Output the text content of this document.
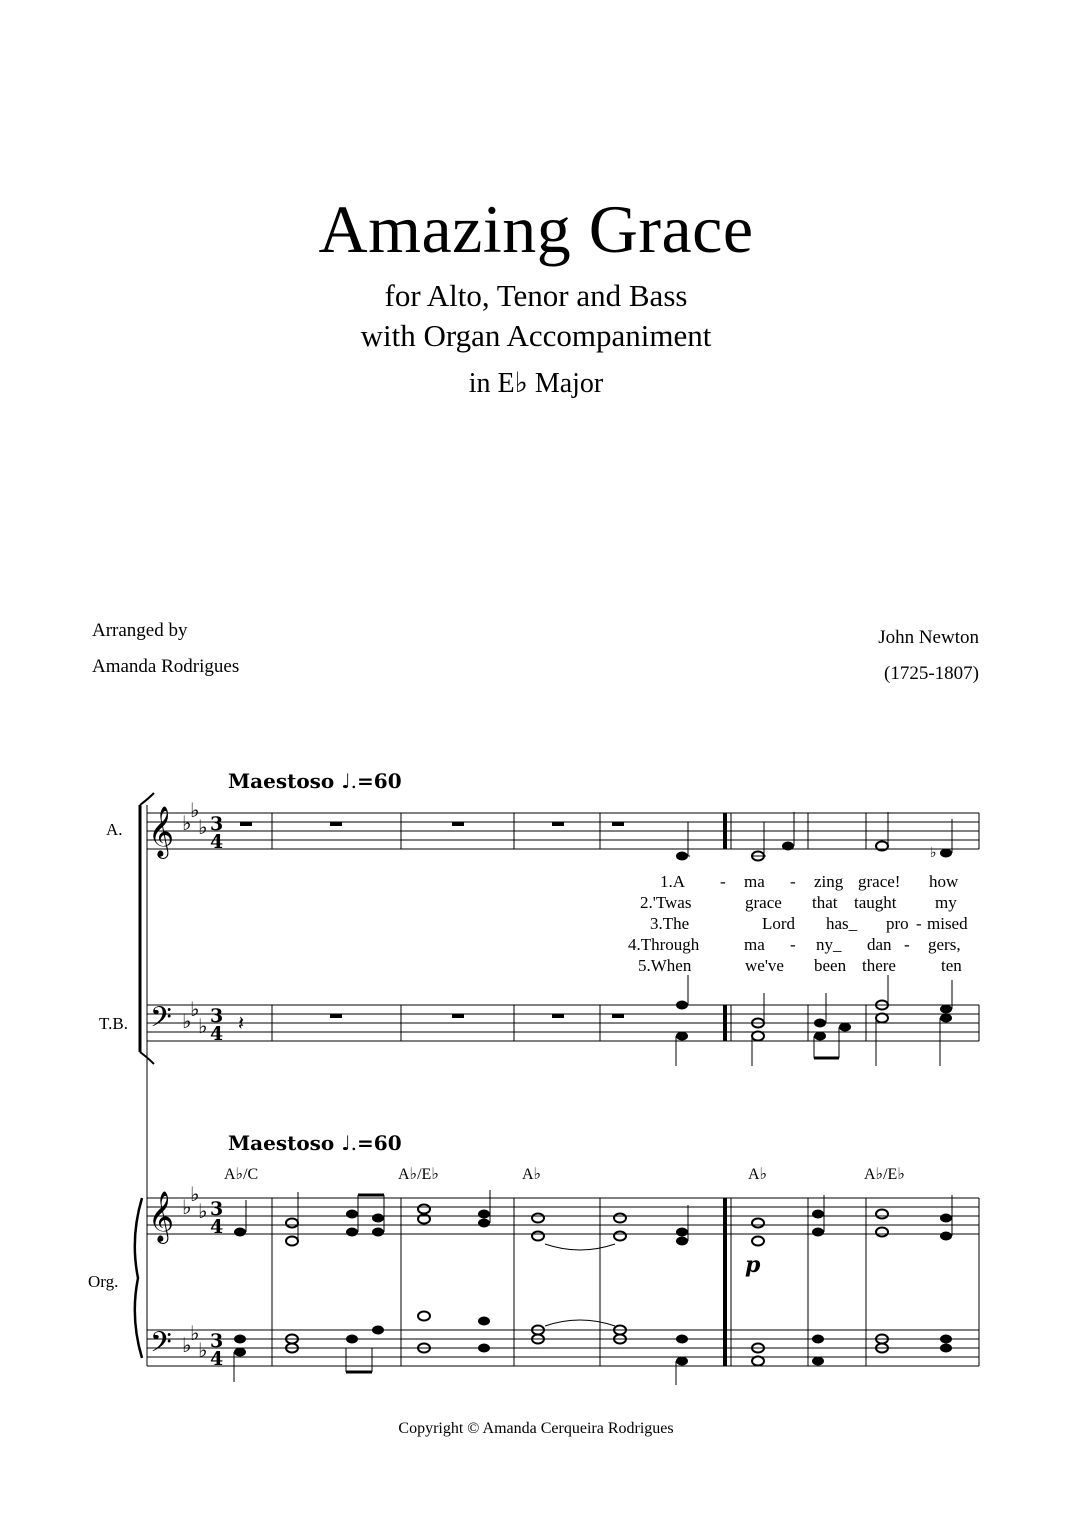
Amazing Grace
for Alto, Tenor and Bass
with Organ Accompaniment
in E♭ Major
Arranged by
Amanda Rodrigues
John Newton
(1725-1807)
Maestoso ♩.=60
Maestoso ♩.=60
A.
T.B.
Org.
A♭/C	A♭/E♭	A♭	A♭	A♭/E♭
1.A - ma - zing grace! how
2.'Twas	grace that taught my
3.The	Lord has_ pro - mised
4.Through	ma - ny_ dan - gers,
5.When	we've been there	ten
𝄞
𝄢
𝄞
𝄢
♭
♭
♭
♭
♭
♭
♭
♭
♭
♭
♭
♭
3
4
3
4
3
4
3
4
♭
𝄽
p
Copyright © Amanda Cerqueira Rodrigues
